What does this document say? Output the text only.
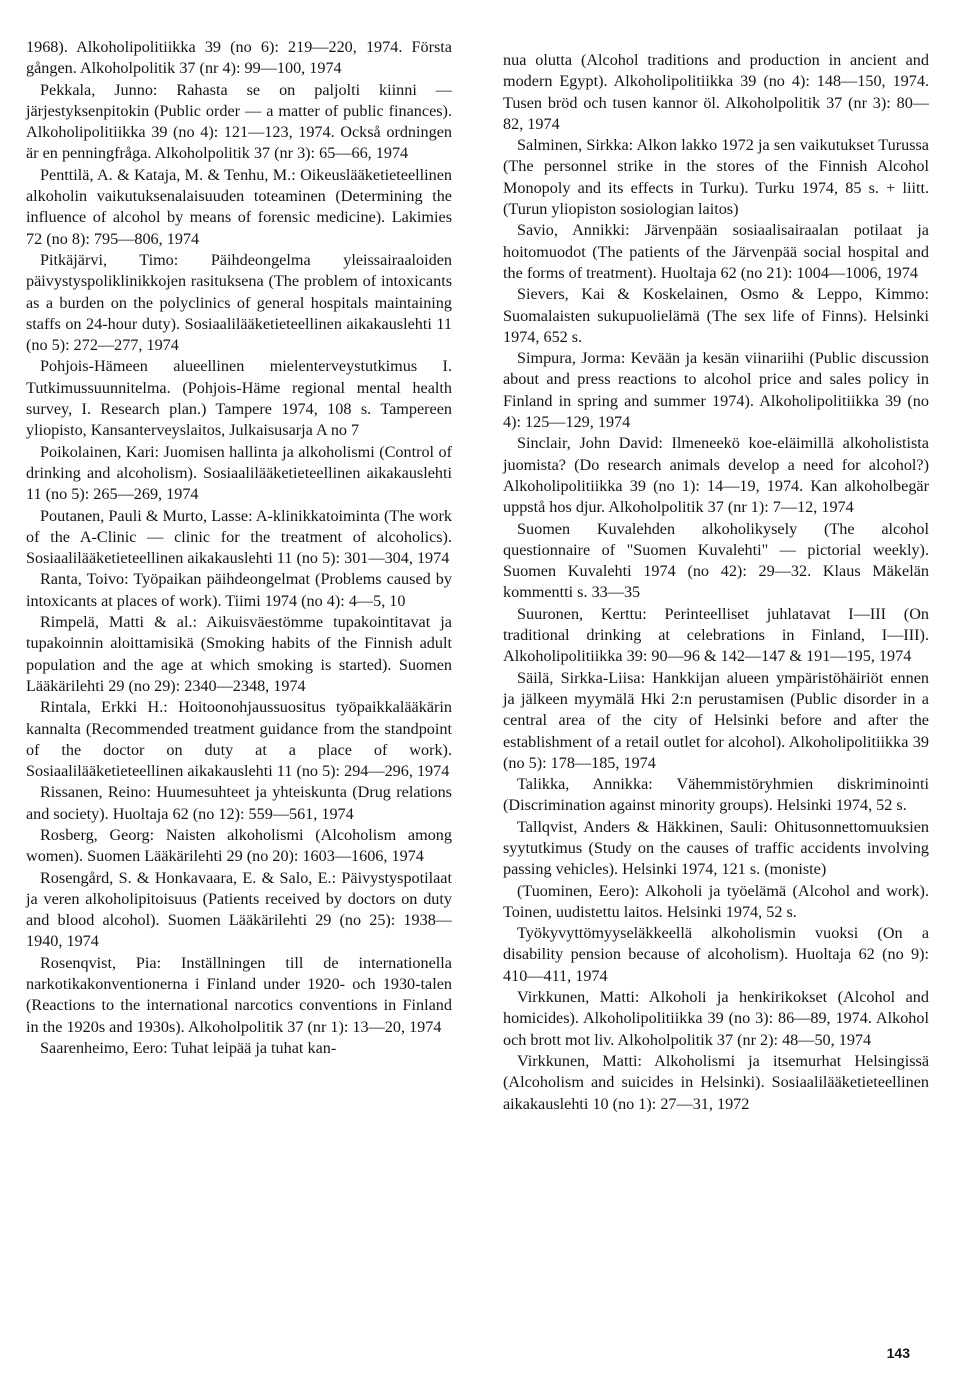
1968). Alkoholipolitiikka 39 (no 6): 219—220, 1974. Första gången. Alkoholpolitik 37 (nr 4): 99—100, 1974
Pekkala, Junno: Rahasta se on paljolti kiinni — järjestyksenpitokin (Public order — a matter of public finances). Alkoholipolitiikka 39 (no 4): 121—123, 1974. Också ordningen är en penningfråga. Alkoholpolitik 37 (nr 3): 65—66, 1974
Penttilä, A. & Kataja, M. & Tenhu, M.: Oikeuslääketieteellinen alkoholin vaikutuksenalaisuuden toteaminen (Determining the influence of alcohol by means of forensic medicine). Lakimies 72 (no 8): 795—806, 1974
Pitkäjärvi, Timo: Päihdeongelma yleissairaaloiden päivystyspoliklinikkojen rasituksena (The problem of intoxicants as a burden on the polyclinics of general hospitals maintaining staffs on 24-hour duty). Sosiaalilääketieteellinen aikakauslehti 11 (no 5): 272—277, 1974
Pohjois-Hämeen alueellinen mielenterveystutkimus I. Tutkimussuunnitelma. (Pohjois-Häme regional mental health survey, I. Research plan.) Tampere 1974, 108 s. Tampereen yliopisto, Kansanterveyslaitos, Julkaisusarja A no 7
Poikolainen, Kari: Juomisen hallinta ja alkoholismi (Control of drinking and alcoholism). Sosiaalilääketieteellinen aikakauslehti 11 (no 5): 265—269, 1974
Poutanen, Pauli & Murto, Lasse: A-klinikkatoiminta (The work of the A-Clinic — clinic for the treatment of alcoholics). Sosiaalilääketieteellinen aikakauslehti 11 (no 5): 301—304, 1974
Ranta, Toivo: Työpaikan päihdeongelmat (Problems caused by intoxicants at places of work). Tiimi 1974 (no 4): 4—5, 10
Rimpelä, Matti & al.: Aikuisväestömme tupakointitavat ja tupakoinnin aloittamisikä (Smoking habits of the Finnish adult population and the age at which smoking is started). Suomen Lääkärilehti 29 (no 29): 2340—2348, 1974
Rintala, Erkki H.: Hoitoonohjaussuositus työpaikkalääkärin kannalta (Recommended treatment guidance from the standpoint of the doctor on duty at a place of work). Sosiaalilääketieteellinen aikakauslehti 11 (no 5): 294—296, 1974
Rissanen, Reino: Huumesuhteet ja yhteiskunta (Drug relations and society). Huoltaja 62 (no 12): 559—561, 1974
Rosberg, Georg: Naisten alkoholismi (Alcoholism among women). Suomen Lääkärilehti 29 (no 20): 1603—1606, 1974
Rosengård, S. & Honkavaara, E. & Salo, E.: Päivystyspotilaat ja veren alkoholipitoisuus (Patients received by doctors on duty and blood alcohol). Suomen Lääkärilehti 29 (no 25): 1938—1940, 1974
Rosenqvist, Pia: Inställningen till de internationella narkotikakonventionerna i Finland under 1920- och 1930-talen (Reactions to the international narcotics conventions in Finland in the 1920s and 1930s). Alkoholpolitik 37 (nr 1): 13—20, 1974
Saarenheimo, Eero: Tuhat leipää ja tuhat kan-
nua olutta (Alcohol traditions and production in ancient and modern Egypt). Alkoholipolitiikka 39 (no 4): 148—150, 1974. Tusen bröd och tusen kannor öl. Alkoholpolitik 37 (nr 3): 80—82, 1974
Salminen, Sirkka: Alkon lakko 1972 ja sen vaikutukset Turussa (The personnel strike in the stores of the Finnish Alcohol Monopoly and its effects in Turku). Turku 1974, 85 s. + liitt. (Turun yliopiston sosiologian laitos)
Savio, Annikki: Järvenpään sosiaalisairaalan potilaat ja hoitomuodot (The patients of the Järvenpää social hospital and the forms of treatment). Huoltaja 62 (no 21): 1004—1006, 1974
Sievers, Kai & Koskelainen, Osmo & Leppo, Kimmo: Suomalaisten sukupuolielämä (The sex life of Finns). Helsinki 1974, 652 s.
Simpura, Jorma: Kevään ja kesän viinariihi (Public discussion about and press reactions to alcohol price and sales policy in Finland in spring and summer 1974). Alkoholipolitiikka 39 (no 4): 125—129, 1974
Sinclair, John David: Ilmeneekö koe-eläimillä alkoholistista juomista? (Do research animals develop a need for alcohol?) Alkoholipolitiikka 39 (no 1): 14—19, 1974. Kan alkoholbegär uppstå hos djur. Alkoholpolitik 37 (nr 1): 7—12, 1974
Suomen Kuvalehden alkoholikysely (The alcohol questionnaire of "Suomen Kuvalehti" — pictorial weekly). Suomen Kuvalehti 1974 (no 42): 29—32. Klaus Mäkelän kommentti s. 33—35
Suuronen, Kerttu: Perinteelliset juhlatavat I—III (On traditional drinking at celebrations in Finland, I—III). Alkoholipolitiikka 39: 90—96 & 142—147 & 191—195, 1974
Säilä, Sirkka-Liisa: Hankkijan alueen ympäristöhäiriöt ennen ja jälkeen myymälä Hki 2:n perustamisen (Public disorder in a central area of the city of Helsinki before and after the establishment of a retail outlet for alcohol). Alkoholipolitiikka 39 (no 5): 178—185, 1974
Talikka, Annikka: Vähemmistöryhmien diskriminointi (Discrimination against minority groups). Helsinki 1974, 52 s.
Tallqvist, Anders & Häkkinen, Sauli: Ohitusonnettomuuksien syytutkimus (Study on the causes of traffic accidents involving passing vehicles). Helsinki 1974, 121 s. (moniste)
(Tuominen, Eero): Alkoholi ja työelämä (Alcohol and work). Toinen, uudistettu laitos. Helsinki 1974, 52 s.
Työkyvyttömyyseläkkeellä alkoholismin vuoksi (On a disability pension because of alcoholism). Huoltaja 62 (no 9): 410—411, 1974
Virkkunen, Matti: Alkoholi ja henkirikokset (Alcohol and homicides). Alkoholipolitiikka 39 (no 3): 86—89, 1974. Alkohol och brott mot liv. Alkoholpolitik 37 (nr 2): 48—50, 1974
Virkkunen, Matti: Alkoholismi ja itsemurhat Helsingissä (Alcoholism and suicides in Helsinki). Sosiaalilääketieteellinen aikakauslehti 10 (no 1): 27—31, 1972
143
